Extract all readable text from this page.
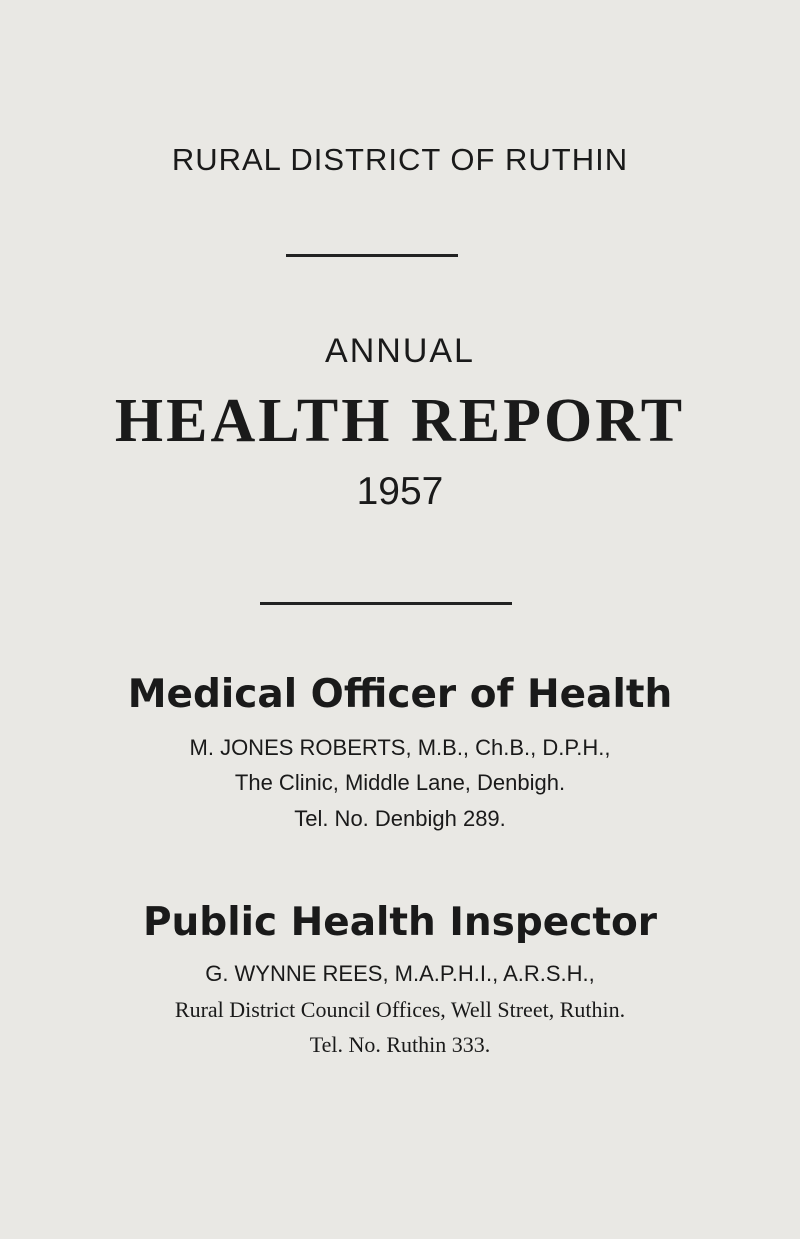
RURAL DISTRICT OF RUTHIN
ANNUAL
HEALTH REPORT
1957
Medical Officer of Health
M. JONES ROBERTS, M.B., Ch.B., D.P.H.,
The Clinic, Middle Lane, Denbigh.
Tel. No. Denbigh 289.
Public Health Inspector
G. WYNNE REES, M.A.P.H.I., A.R.S.H.,
Rural District Council Offices, Well Street, Ruthin.
Tel. No. Ruthin 333.
